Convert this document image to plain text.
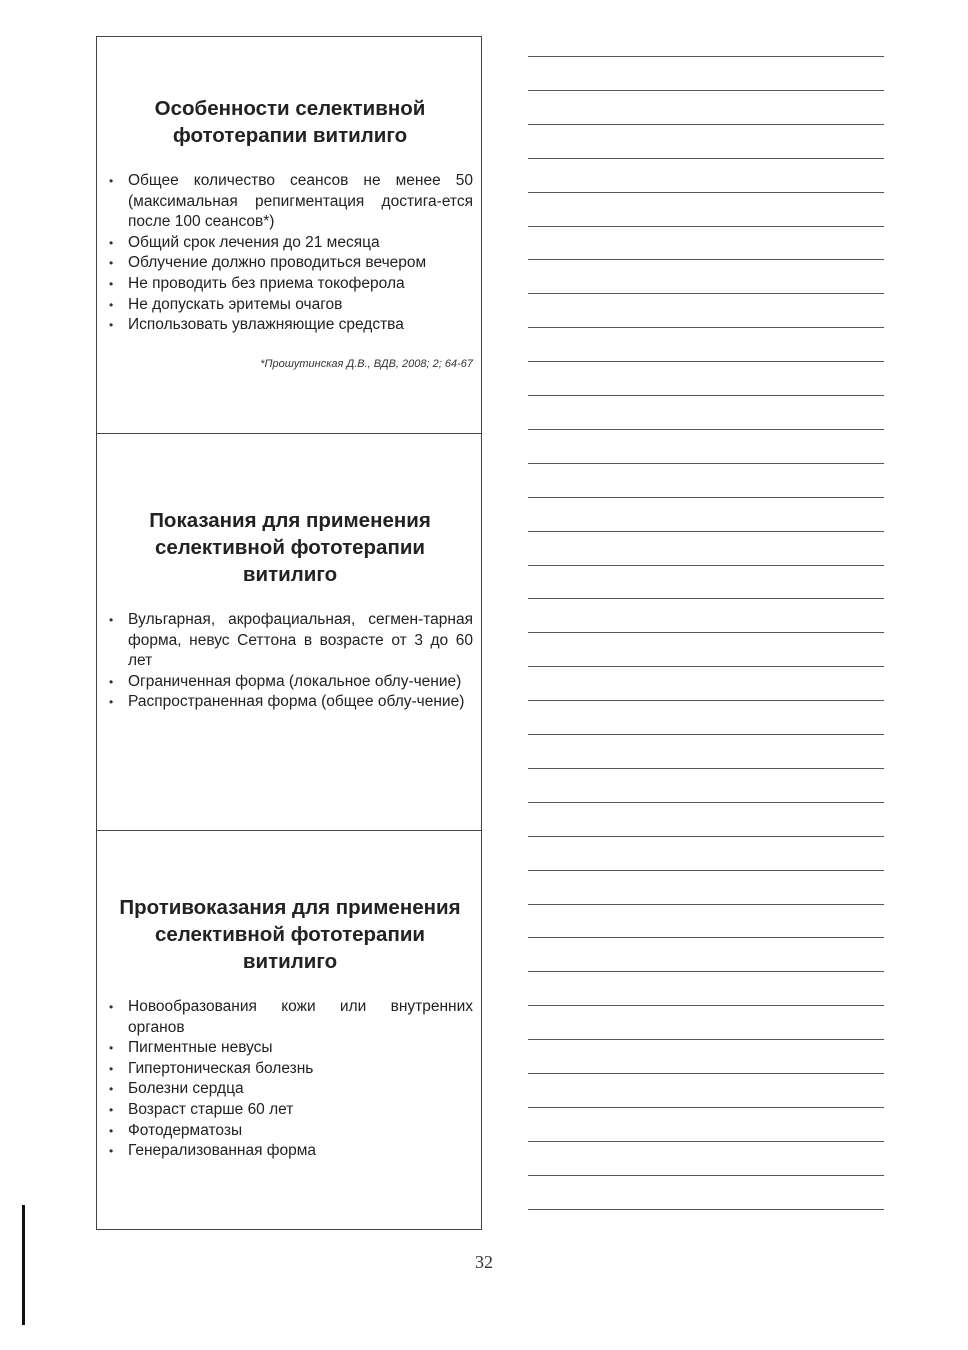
Особенности селективной фототерапии витилиго
• Общее количество сеансов не менее 50 (максимальная репигментация достига-ется после 100 сеансов*)
• Общий срок лечения до 21 месяца
• Облучение должно проводиться вечером
• Не проводить без приема токоферола
• Не допускать эритемы очагов
• Использовать увлажняющие средства
*Прошутинская Д.В., ВДВ, 2008; 2; 64-67
Показания для применения селективной фототерапии витилиго
• Вульгарная, акрофациальная, сегмен-тарная форма, невус Сеттона в возрасте от 3 до 60 лет
• Ограниченная форма (локальное облу-чение)
• Распространенная форма (общее облу-чение)
Противоказания для применения селективной фототерапии витилиго
• Новообразования кожи или внутренних органов
• Пигментные невусы
• Гипертоническая болезнь
• Болезни сердца
• Возраст старше 60 лет
• Фотодерматозы
• Генерализованная форма
32
